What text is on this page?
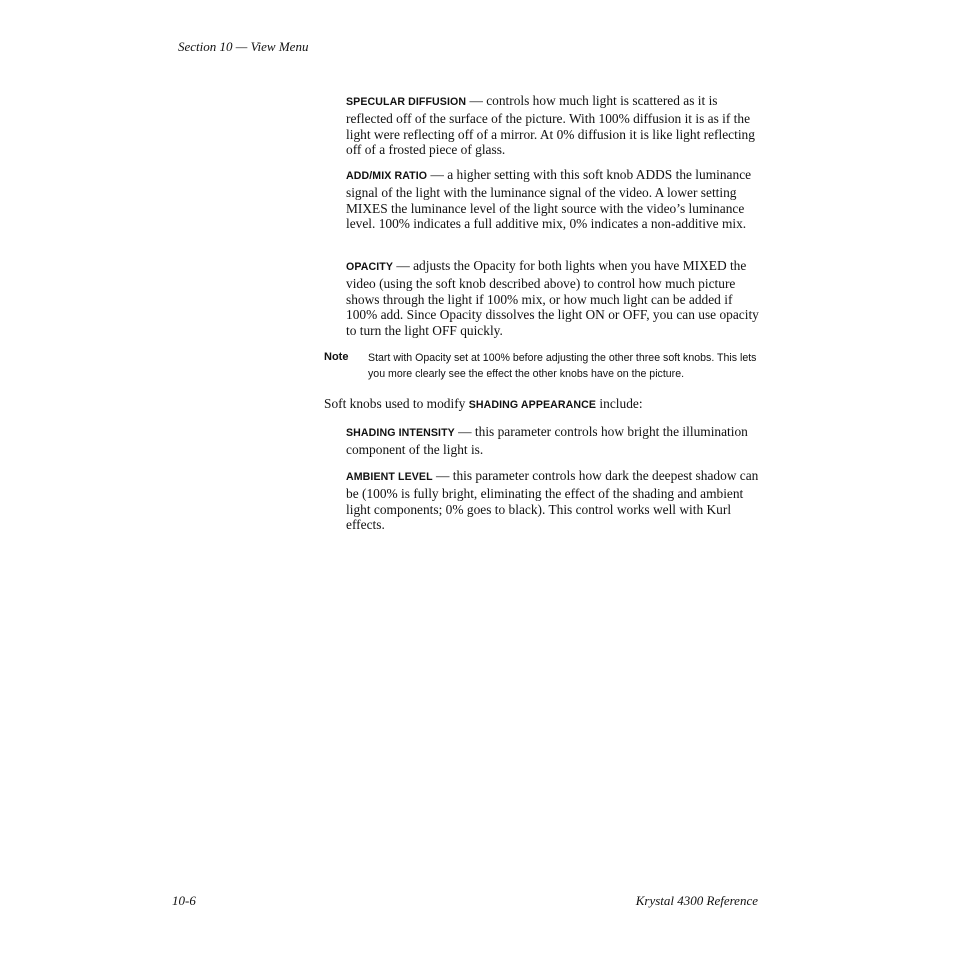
Section 10 — View Menu

SPECULAR DIFFUSION — controls how much light is scattered as it is reflected off of the surface of the picture. With 100% diffusion it is as if the light were reflecting off of a mirror. At 0% diffusion it is like light reflecting off of a frosted piece of glass.

ADD/MIX RATIO — a higher setting with this soft knob ADDS the luminance signal of the light with the luminance signal of the video. A lower setting MIXES the luminance level of the light source with the video’s luminance level. 100% indicates a full additive mix, 0% indicates a non-additive mix.

OPACITY — adjusts the Opacity for both lights when you have MIXED the video (using the soft knob described above) to control how much picture shows through the light if 100% mix, or how much light can be added if 100% add. Since Opacity dissolves the light ON or OFF, you can use opacity to turn the light OFF quickly.

Note Start with Opacity set at 100% before adjusting the other three soft knobs. This lets you more clearly see the effect the other knobs have on the picture.

Soft knobs used to modify SHADING APPEARANCE include:

SHADING INTENSITY — this parameter controls how bright the illumination component of the light is.

AMBIENT LEVEL — this parameter controls how dark the deepest shadow can be (100% is fully bright, eliminating the effect of the shading and ambient light components; 0% goes to black). This control works well with Kurl effects.

10-6	Krystal 4300 Reference
